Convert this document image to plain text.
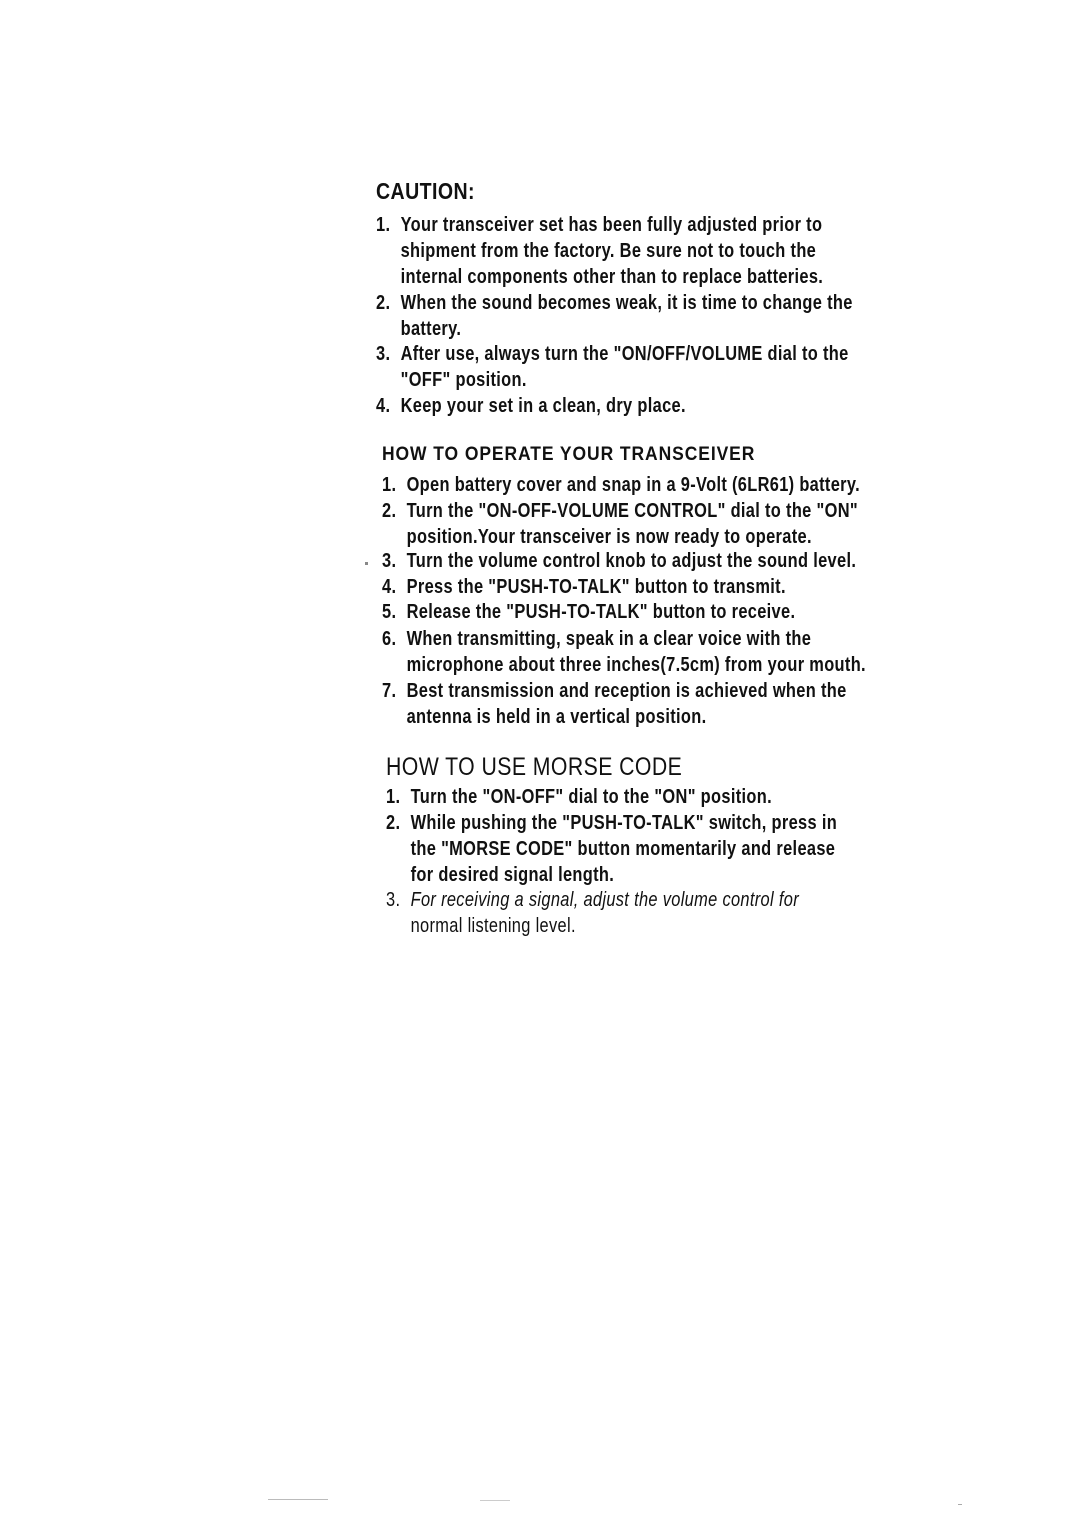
CAUTION:
1. Your transceiver set has been fully adjusted prior to
shipment from the factory. Be sure not to touch the
internal components other than to replace batteries.
2. When the sound becomes weak, it is time to change the
battery.
3. After use, always turn the "ON/OFF/VOLUME dial to the
"OFF" position.
4. Keep your set in a clean, dry place.
HOW TO OPERATE YOUR TRANSCEIVER
1. Open battery cover and snap in a 9-Volt (6LR61) battery.
2. Turn the "ON-OFF-VOLUME CONTROL" dial to the "ON"
position.Your transceiver is now ready to operate.
3. Turn the volume control knob to adjust the sound level.
4. Press the "PUSH-TO-TALK" button to transmit.
5. Release the "PUSH-TO-TALK" button to receive.
6. When transmitting, speak in a clear voice with the
microphone about three inches(7.5cm) from your mouth.
7. Best transmission and reception is achieved when the
antenna is held in a vertical position.
HOW TO USE MORSE CODE
1. Turn the "ON-OFF" dial to the "ON" position.
2. While pushing the "PUSH-TO-TALK" switch, press in
the "MORSE CODE" button momentarily and release
for desired signal length.
3. For receiving a signal, adjust the volume control for
normal listening level.
